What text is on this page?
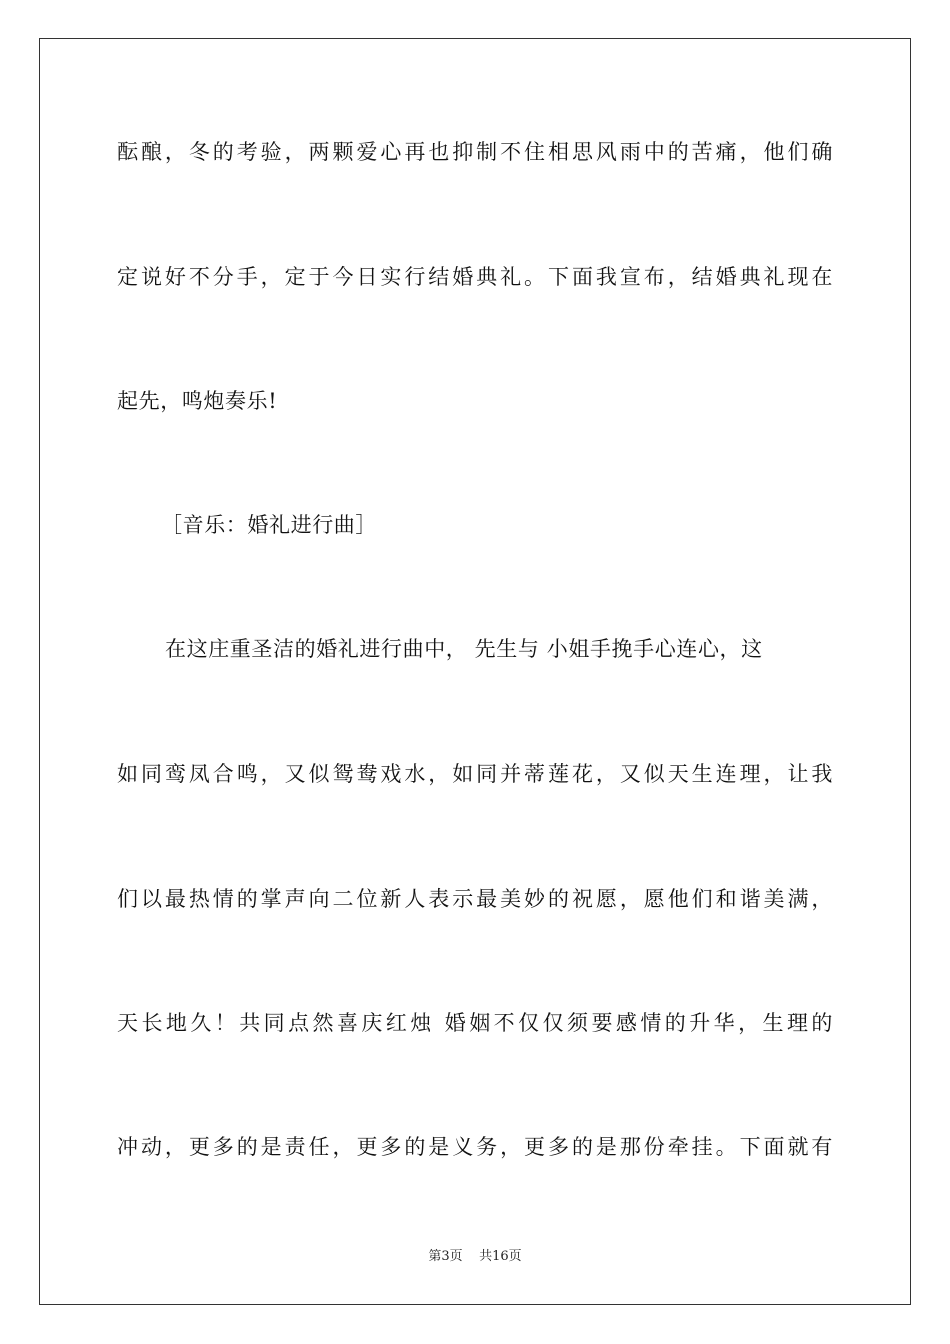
酝酿，冬的考验，两颗爱心再也抑制不住相思风雨中的苦痛，他们确
定说好不分手，定于今日实行结婚典礼。下面我宣布，结婚典礼现在
起先，鸣炮奏乐!
［音乐：婚礼进行曲］
在这庄重圣洁的婚礼进行曲中， 先生与 小姐手挽手心连心，这
如同鸾凤合鸣，又似鸳鸯戏水，如同并蒂莲花，又似天生连理，让我
们以最热情的掌声向二位新人表示最美妙的祝愿，愿他们和谐美满，
天长地久！共同点然喜庆红烛 婚姻不仅仅须要感情的升华，生理的
冲动，更多的是责任，更多的是义务，更多的是那份牵挂。下面就有
第3页 共16页
